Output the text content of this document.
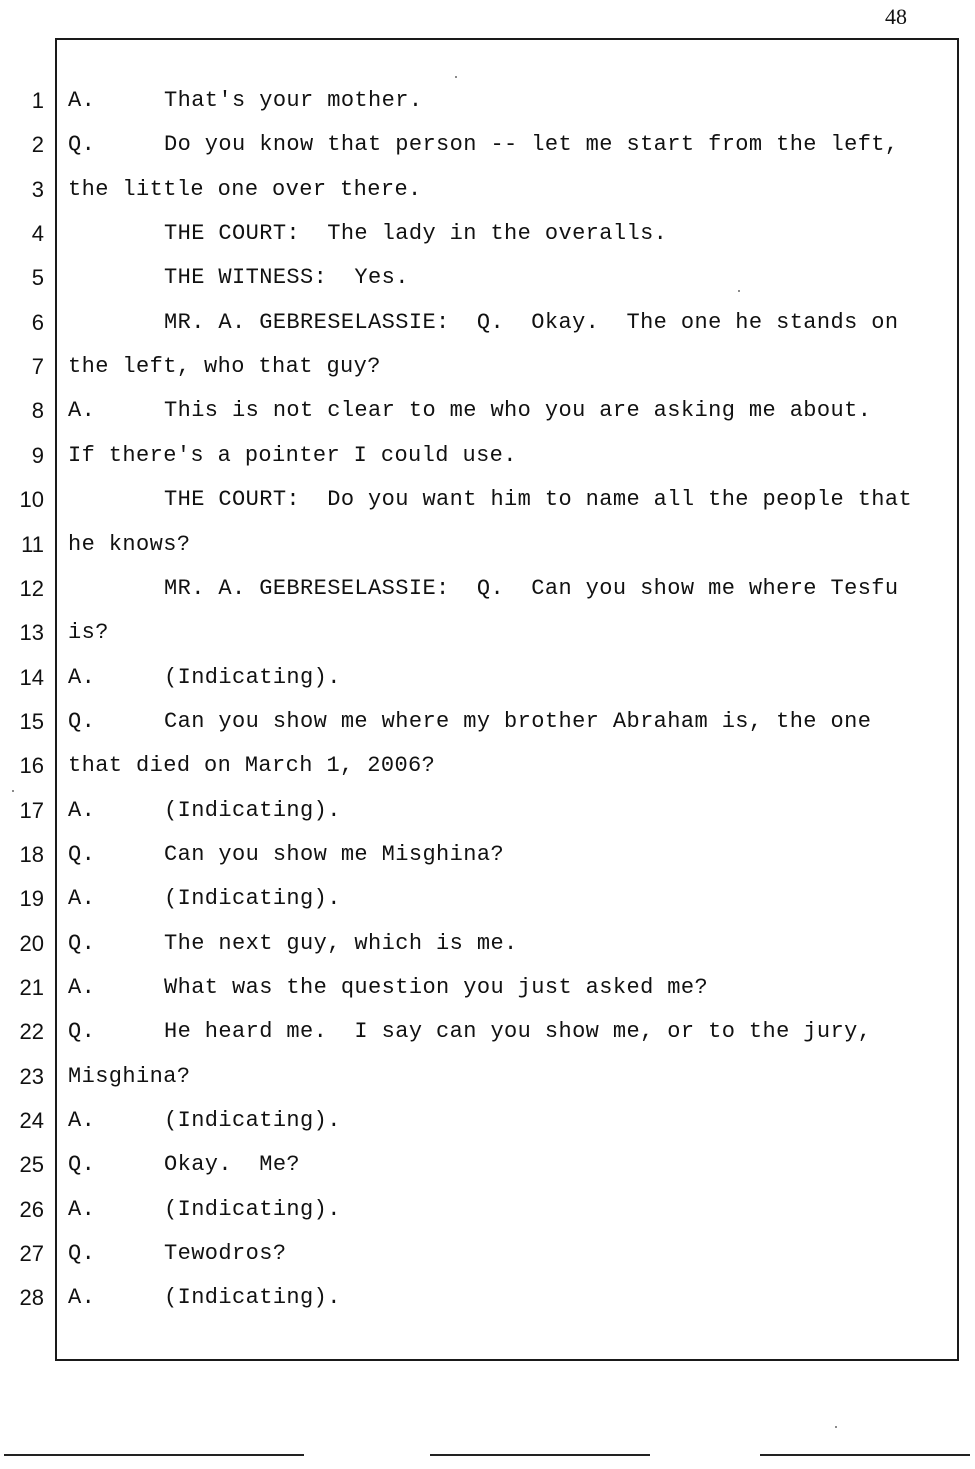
48
1
2
3
4
5
6
7
8
9
10
11
12
13
14
15
16
17
18
19
20
21
22
23
24
25
26
27
28
A.	That's your mother.
Q.	Do you know that person -- let me start from the left,
the little one over there.
THE COURT:  The lady in the overalls.
THE WITNESS:  Yes.
MR. A. GEBRESELASSIE:  Q.  Okay.  The one he stands on
the left, who that guy?
A.	This is not clear to me who you are asking me about.
If there's a pointer I could use.
THE COURT:  Do you want him to name all the people that
he knows?
MR. A. GEBRESELASSIE:  Q.  Can you show me where Tesfu
is?
A.	(Indicating).
Q.	Can you show me where my brother Abraham is, the one
that died on March 1, 2006?
A.	(Indicating).
Q.	Can you show me Misghina?
A.	(Indicating).
Q.	The next guy, which is me.
A.	What was the question you just asked me?
Q.	He heard me.  I say can you show me, or to the jury,
Misghina?
A.	(Indicating).
Q.	Okay.  Me?
A.	(Indicating).
Q.	Tewodros?
A.	(Indicating).
